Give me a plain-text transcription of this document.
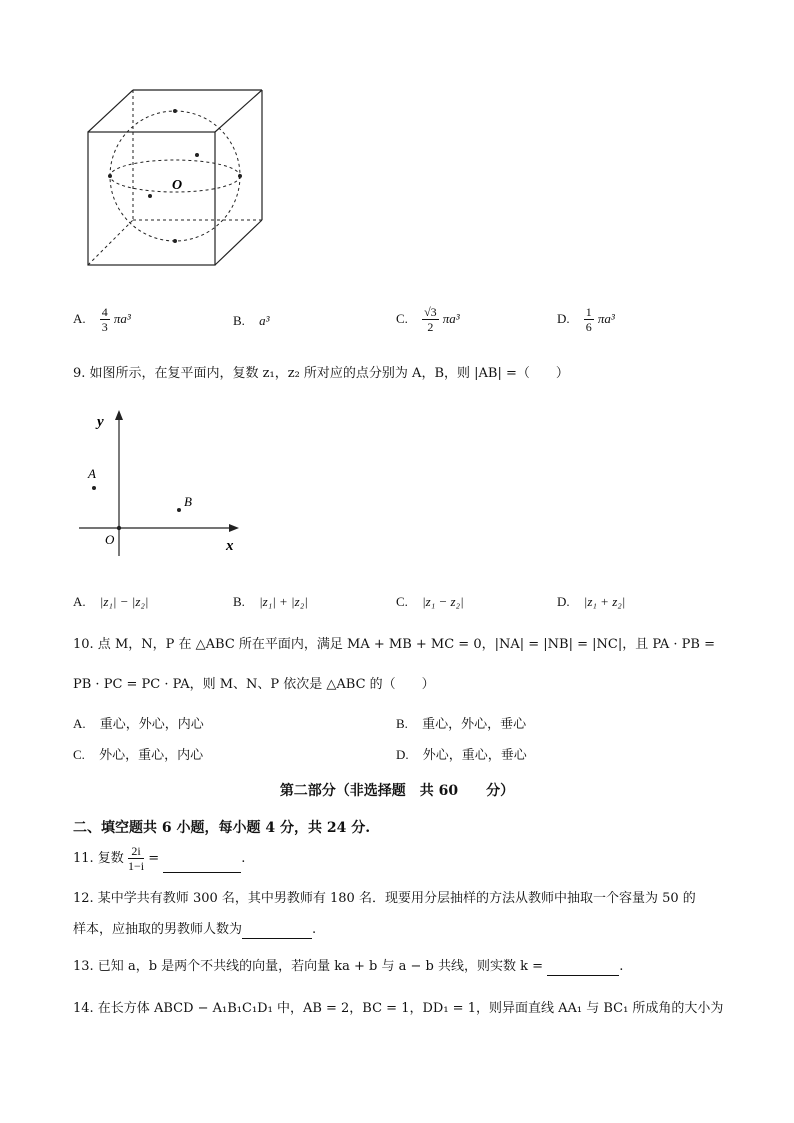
O
A. $\frac{4}{3} \pi a^3$	B. a³	C. $\frac{√3}{2} \pi a^3$	D. $\frac{1}{6} \pi a^3$
9. 如图所示，在复平面内，复数 z₁，z₂ 所对应的点分别为 A，B，则 |AB| =（　　）
y
x
O
A
B
A. |z₁| − |z₂|	B. |z₁| + |z₂|	C. |z₁ − z₂|	D. |z₁ + z₂|
10. 点 M，N，P 在 △ABC 所在平面内，满足 MA + MB + MC = 0，|NA| = |NB| = |NC|，且 PA · PB =
PB · PC = PC · PA，则 M、N、P 依次是 △ABC 的（　　）
A. 重心，外心，内心	B. 重心，外心，垂心
C. 外心，重心，内心	D. 外心，重心，垂心
第二部分（非选择题　共 60　　分）
二、填空题共 6 小题，每小题 4 分，共 24 分.
11. 复数 $\frac{2i}{1-i}$ =	.
12. 某中学共有教师 300 名，其中男教师有 180 名．现要用分层抽样的方法从教师中抽取一个容量为 50 的
样本，应抽取的男教师人数为	.
13. 已知 a，b 是两个不共线的向量，若向量 ka + b 与 a − b 共线，则实数 k =	.
14. 在长方体 ABCD − A₁B₁C₁D₁ 中，AB = 2，BC = 1，DD₁ = 1，则异面直线 AA₁ 与 BC₁ 所成角的大小为
